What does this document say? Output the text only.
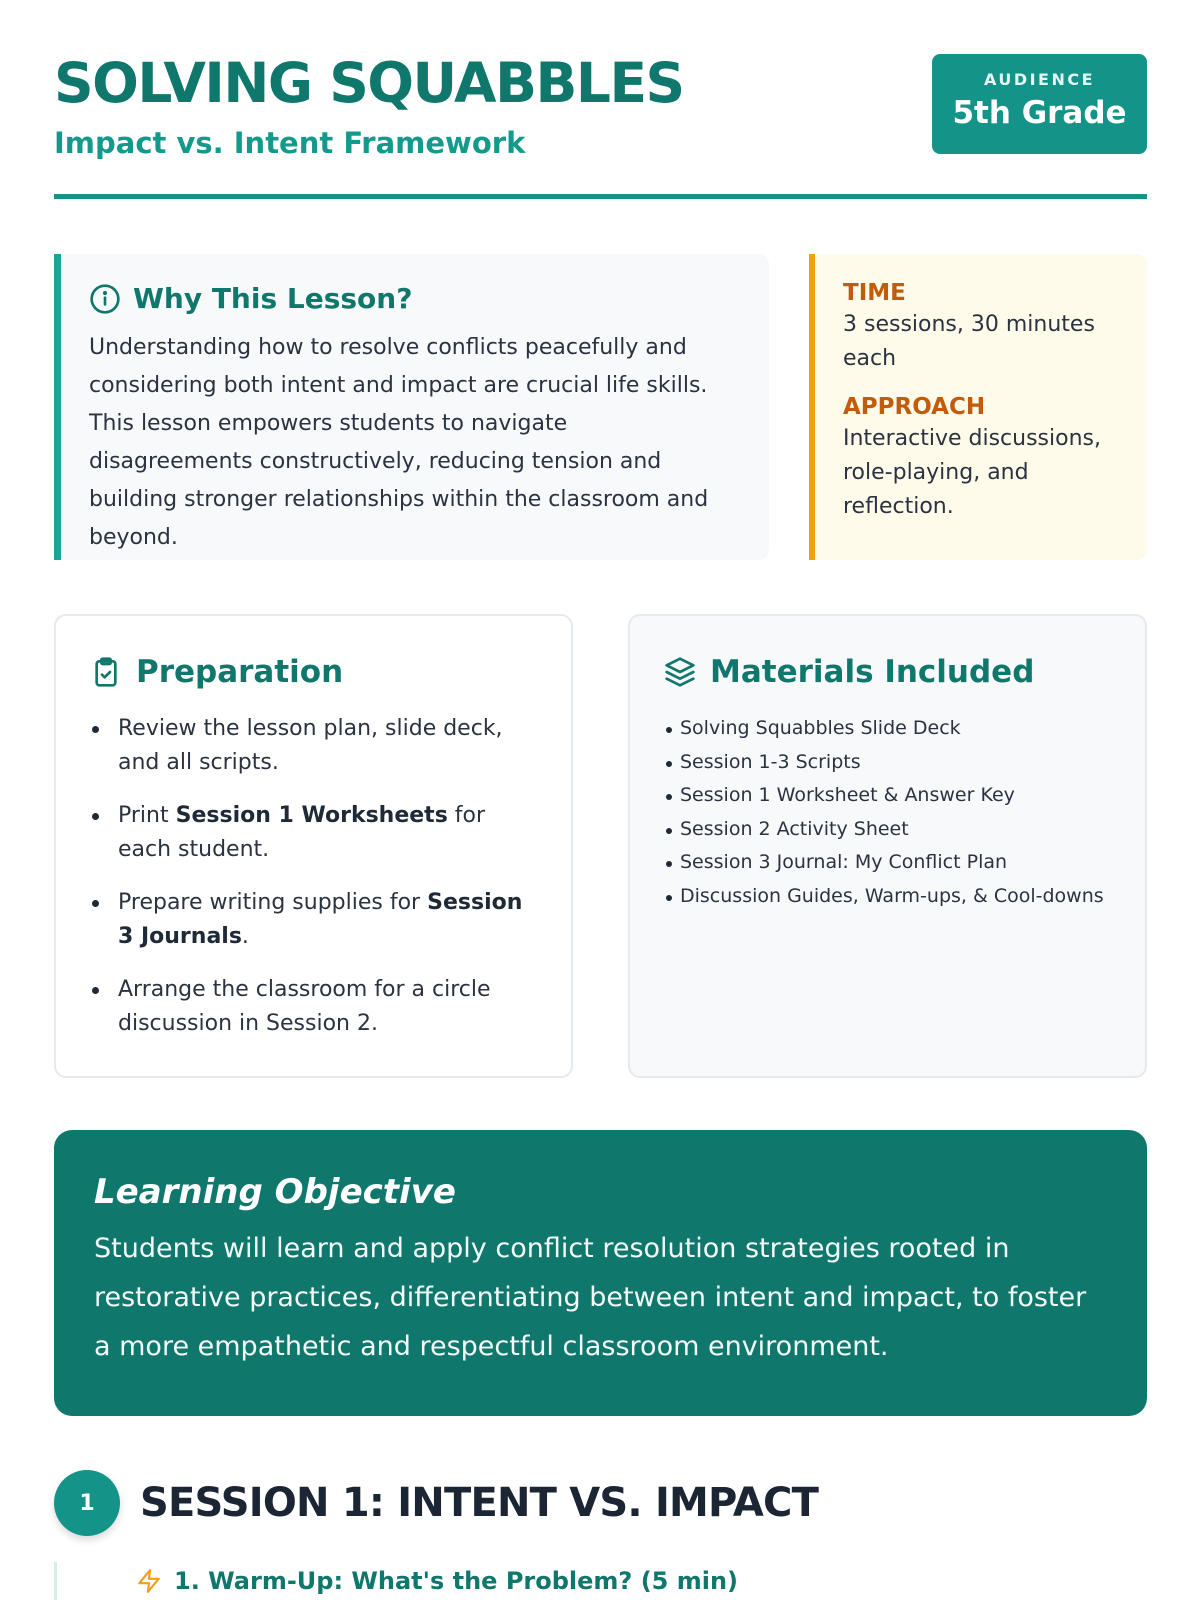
SOLVING SQUABBLES
Impact vs. Intent Framework
AUDIENCE
5th Grade
Why This Lesson?

Understanding how to resolve conflicts peacefully and considering both intent and impact are crucial life skills. This lesson empowers students to navigate disagreements constructively, reducing tension and building stronger relationships within the classroom and beyond.

TIME
3 sessions, 30 minutes each
APPROACH
Interactive discussions, role-playing, and reflection.
Preparation
Review the lesson plan, slide deck, and all scripts.
Print Session 1 Worksheets for each student.
Prepare writing supplies for Session 3 Journals.
Arrange the classroom for a circle discussion in Session 2.
Materials Included
Solving Squabbles Slide Deck
Session 1-3 Scripts
Session 1 Worksheet & Answer Key
Session 2 Activity Sheet
Session 3 Journal: My Conflict Plan
Discussion Guides, Warm-ups, & Cool-downs
Learning Objective

Students will learn and apply conflict resolution strategies rooted in restorative practices, differentiating between intent and impact, to foster a more empathetic and respectful classroom environment.

1	SESSION 1: INTENT VS. IMPACT
1. Warm-Up: What's the Problem? (5 min)
